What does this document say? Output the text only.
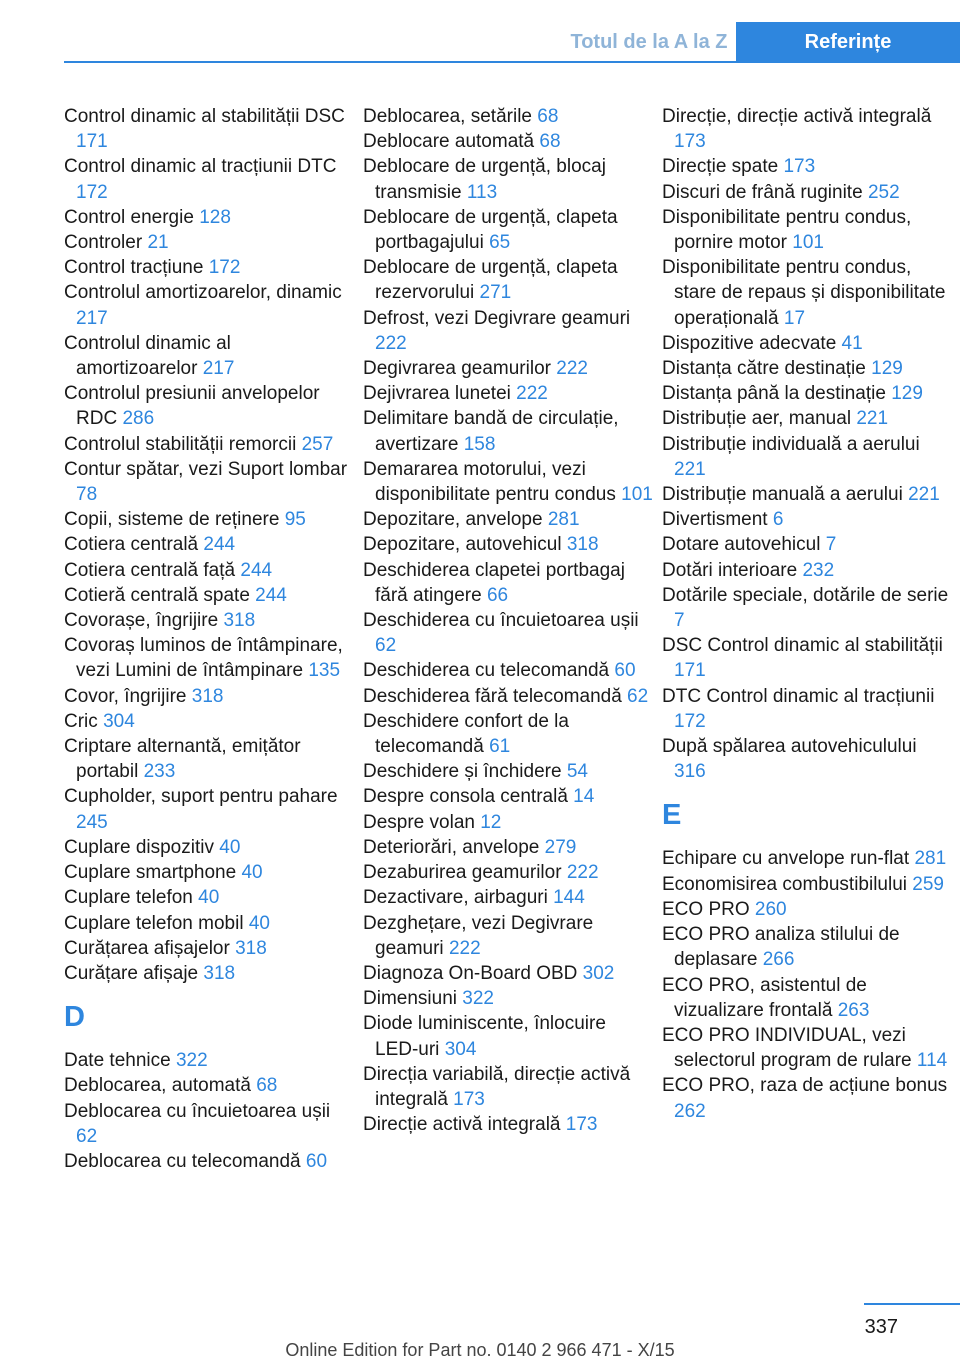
Totul de la A la Z	Referințe
Control dinamic al stabilității DSC 171
Control dinamic al tracțiunii DTC 172
Control energie 128
Controler 21
Control tracțiune 172
Controlul amortizoarelor, dinamic 217
Controlul dinamic al amortizoarelor 217
Controlul presiunii anvelopelor RDC 286
Controlul stabilității remorcii 257
Contur spătar, vezi Suport lombar 78
Copii, sisteme de reținere 95
Cotiera centrală 244
Cotiera centrală față 244
Cotieră centrală spate 244
Covorașe, îngrijire 318
Covoraș luminos de întâmpinare, vezi Lumini de întâmpinare 135
Covor, îngrijire 318
Cric 304
Criptare alternantă, emițător portabil 233
Cupholder, suport pentru pahare 245
Cuplare dispozitiv 40
Cuplare smartphone 40
Cuplare telefon 40
Cuplare telefon mobil 40
Curățarea afișajelor 318
Curățare afișaje 318
D
Date tehnice 322
Deblocarea, automată 68
Deblocarea cu încuietoarea ușii 62
Deblocarea cu telecomandă 60
Deblocarea, setările 68
Deblocare automată 68
Deblocare de urgență, blocaj transmisie 113
Deblocare de urgență, clapeta portbagajului 65
Deblocare de urgență, clapeta rezervorului 271
Defrost, vezi Degivrare geamuri 222
Degivrarea geamurilor 222
Dejivrarea lunetei 222
Delimitare bandă de circulație, avertizare 158
Demararea motorului, vezi disponibilitate pentru condus 101
Depozitare, anvelope 281
Depozitare, autovehicul 318
Deschiderea clapetei portbagaj fără atingere 66
Deschiderea cu încuietoarea ușii 62
Deschiderea cu telecomandă 60
Deschiderea fără telecomandă 62
Deschidere confort de la telecomandă 61
Deschidere și închidere 54
Despre consola centrală 14
Despre volan 12
Deteriorări, anvelope 279
Dezaburirea geamurilor 222
Dezactivare, airbaguri 144
Dezghețare, vezi Degivrare geamuri 222
Diagnoza On-Board OBD 302
Dimensiuni 322
Diode luminiscente, înlocuire LED-uri 304
Direcția variabilă, direcție activă integrală 173
Direcție activă integrală 173
Direcție, direcție activă integrală 173
Direcție spate 173
Discuri de frână ruginite 252
Disponibilitate pentru condus, pornire motor 101
Disponibilitate pentru condus, stare de repaus și disponibilitate operațională 17
Dispozitive adecvate 41
Distanța către destinație 129
Distanța până la destinație 129
Distribuție aer, manual 221
Distribuție individuală a aerului 221
Distribuție manuală a aerului 221
Divertisment 6
Dotare autovehicul 7
Dotări interioare 232
Dotările speciale, dotările de serie 7
DSC Control dinamic al stabilității 171
DTC Control dinamic al tracțiunii 172
După spălarea autovehiculului 316
E
Echipare cu anvelope run-flat 281
Economisirea combustibilului 259
ECO PRO 260
ECO PRO analiza stilului de deplasare 266
ECO PRO, asistentul de vizualizare frontală 263
ECO PRO INDIVIDUAL, vezi selectorul program de rulare 114
ECO PRO, raza de acțiune bonus 262
337
Online Edition for Part no. 0140 2 966 471 - X/15
